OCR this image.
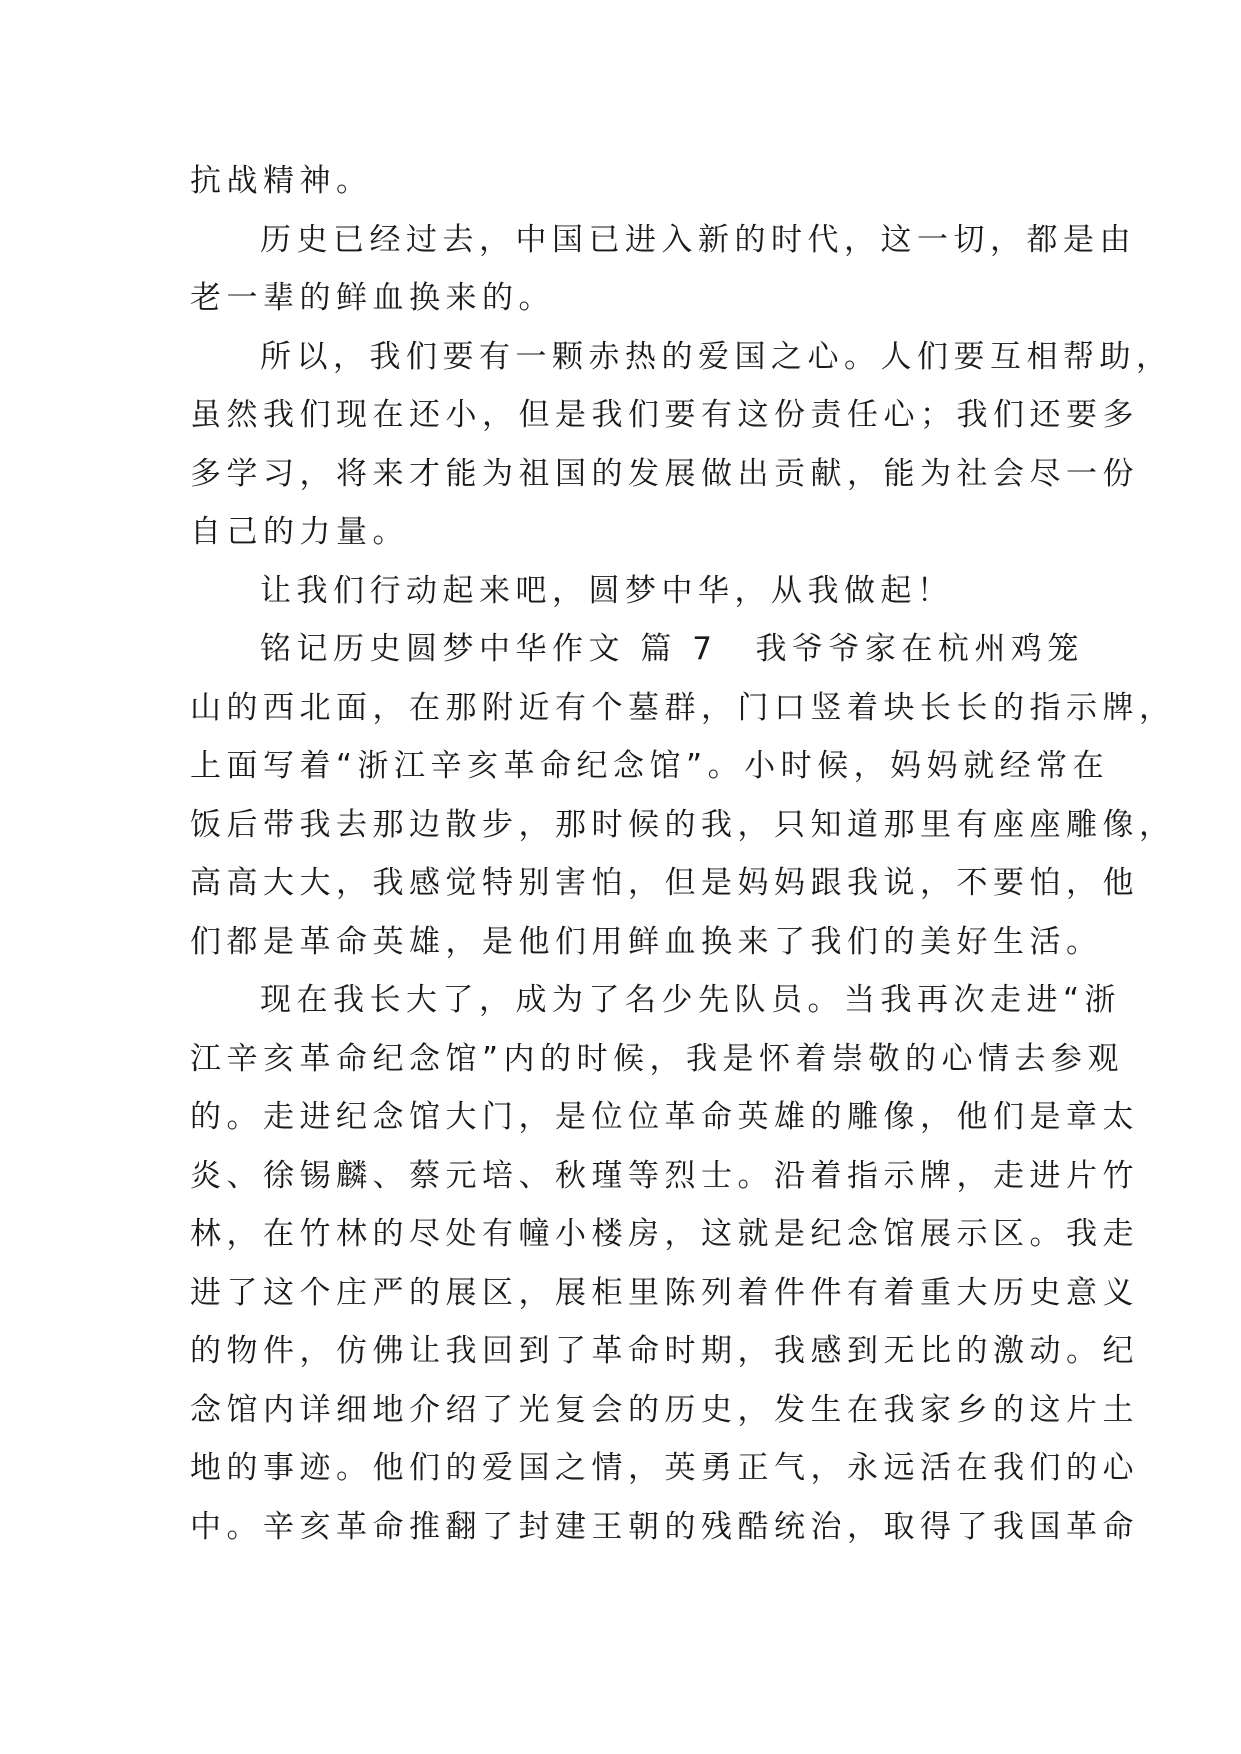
抗战精神。
历史已经过去，中国已进入新的时代，这一切，都是由
老一辈的鲜血换来的。
所以，我们要有一颗赤热的爱国之心。人们要互相帮助，
虽然我们现在还小，但是我们要有这份责任心；我们还要多
多学习，将来才能为祖国的发展做出贡献，能为社会尽一份
自己的力量。
让我们行动起来吧，圆梦中华，从我做起！
铭记历史圆梦中华作文 篇 7 我爷爷家在杭州鸡笼
山的西北面，在那附近有个墓群，门口竖着块长长的指示牌，
上面写着“浙江辛亥革命纪念馆”。小时候，妈妈就经常在
饭后带我去那边散步，那时候的我，只知道那里有座座雕像，
高高大大，我感觉特别害怕，但是妈妈跟我说，不要怕，他
们都是革命英雄，是他们用鲜血换来了我们的美好生活。
现在我长大了，成为了名少先队员。当我再次走进“浙
江辛亥革命纪念馆”内的时候，我是怀着崇敬的心情去参观
的。走进纪念馆大门，是位位革命英雄的雕像，他们是章太
炎、徐锡麟、蔡元培、秋瑾等烈士。沿着指示牌，走进片竹
林，在竹林的尽处有幢小楼房，这就是纪念馆展示区。我走
进了这个庄严的展区，展柜里陈列着件件有着重大历史意义
的物件，仿佛让我回到了革命时期，我感到无比的激动。纪
念馆内详细地介绍了光复会的历史，发生在我家乡的这片土
地的事迹。他们的爱国之情，英勇正气，永远活在我们的心
中。辛亥革命推翻了封建王朝的残酷统治，取得了我国革命
